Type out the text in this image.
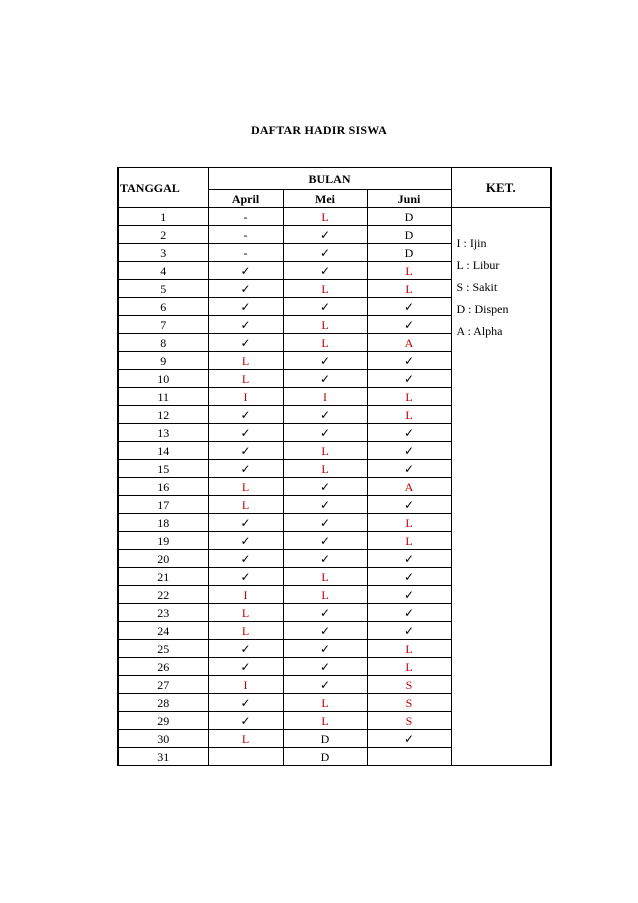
DAFTAR HADIR SISWA
TANGGAL	BULAN			KET.
	April	Mei	Juni	
1	-	L	D	I : Ijin
L : Libur
S : Sakit
D : Dispen
A : Alpha

2	-	✓	D	
3	-	✓	D	
4	✓	✓	L	
5	✓	L	L	
6	✓	✓	✓	
7	✓	L	✓	
8	✓	L	A	
9	L	✓	✓	
10	L	✓	✓	
11	I	I	L	
12	✓	✓	L	
13	✓	✓	✓	
14	✓	L	✓	
15	✓	L	✓	
16	L	✓	A	
17	L	✓	✓	
18	✓	✓	L	
19	✓	✓	L	
20	✓	✓	✓	
21	✓	L	✓	
22	I	L	✓	
23	L	✓	✓	
24	L	✓	✓	
25	✓	✓	L	
26	✓	✓	L	
27	I	✓	S	
28	✓	L	S	
29	✓	L	S	
30	L	D	✓	
31		D		
